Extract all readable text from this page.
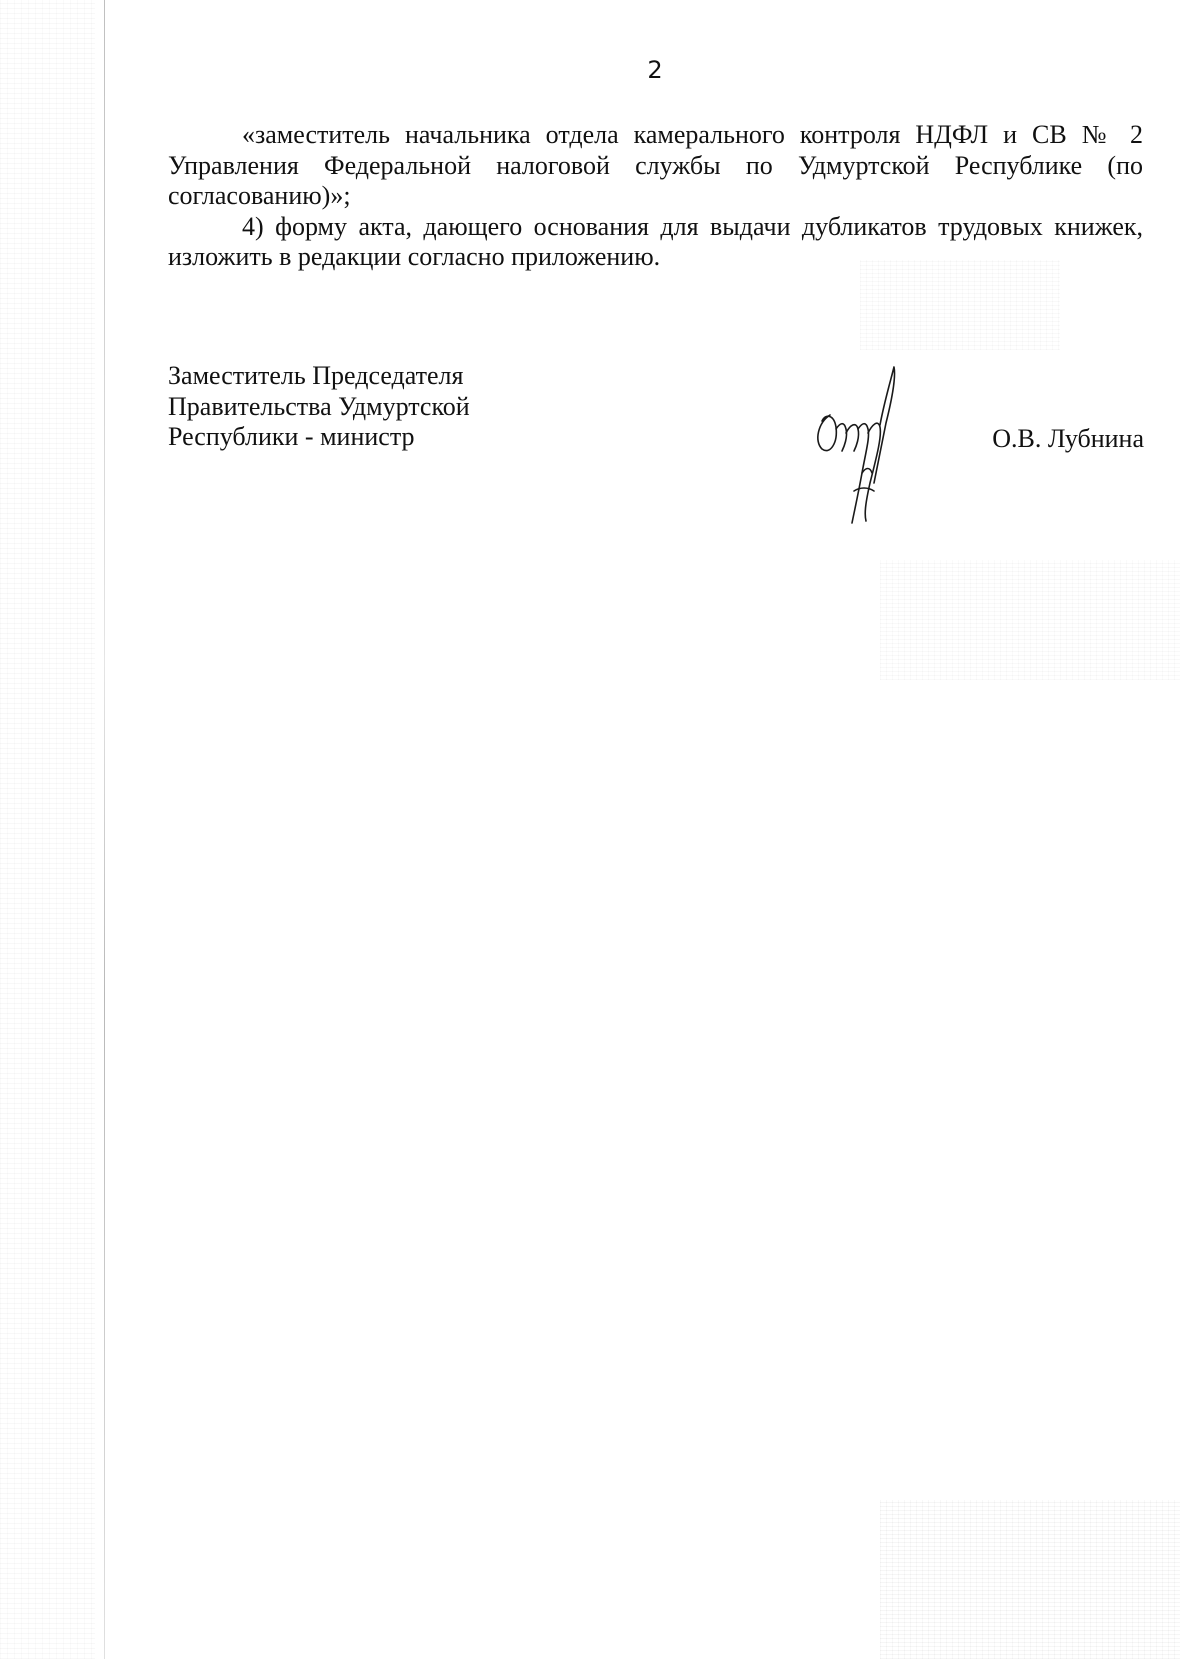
2

«заместитель начальника отдела камерального контроля НДФЛ и СВ № 2

Управления Федеральной налоговой службы по Удмуртской Республике (по согласованию)»;

4) форму акта, дающего основания для выдачи дубликатов трудовых книжек, изложить в редакции согласно приложению.

Заместитель Председателя
Правительства Удмуртской
Республики - министр	О.В. Лубнина
